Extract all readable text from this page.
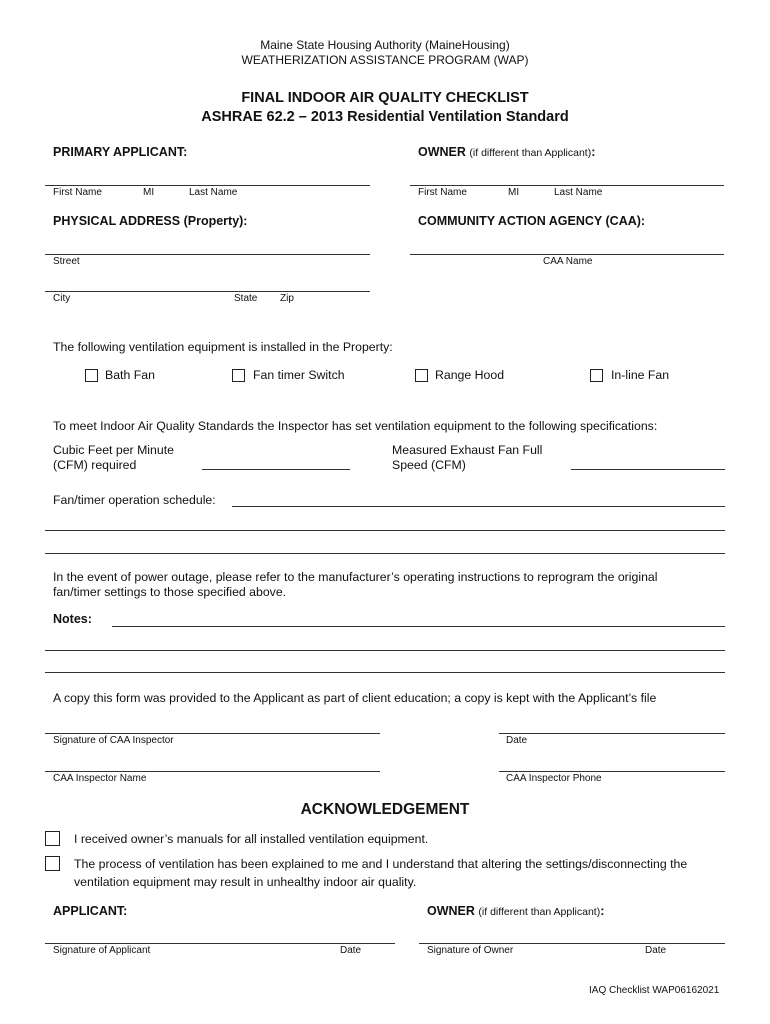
Maine State Housing Authority (MaineHousing)
WEATHERIZATION ASSISTANCE PROGRAM (WAP)
FINAL INDOOR AIR QUALITY CHECKLIST
ASHRAE 62.2 – 2013 Residential Ventilation Standard
PRIMARY APPLICANT:	OWNER (if different than Applicant):
First Name	MI	Last Name	First Name	MI	Last Name
PHYSICAL ADDRESS (Property):	COMMUNITY ACTION AGENCY (CAA):
Street	CAA Name
City	State Zip
The following ventilation equipment is installed in the Property:
Bath Fan	Fan timer Switch	Range Hood	In-line Fan
To meet Indoor Air Quality Standards the Inspector has set ventilation equipment to the following specifications:
Cubic Feet per Minute
(CFM) required
Measured Exhaust Fan Full
Speed (CFM)
Fan/timer operation schedule:
In the event of power outage, please refer to the manufacturer’s operating instructions to reprogram the original
fan/timer settings to those specified above.
Notes:
A copy this form was provided to the Applicant as part of client education; a copy is kept with the Applicant’s file
Signature of CAA Inspector	Date
CAA Inspector Name	CAA Inspector Phone
ACKNOWLEDGEMENT
I received owner’s manuals for all installed ventilation equipment.
The process of ventilation has been explained to me and I understand that altering the settings/disconnecting the
ventilation equipment may result in unhealthy indoor air quality.
APPLICANT:	OWNER (if different than Applicant):
Signature of Applicant	Date	Signature of Owner	Date
IAQ Checklist WAP06162021
